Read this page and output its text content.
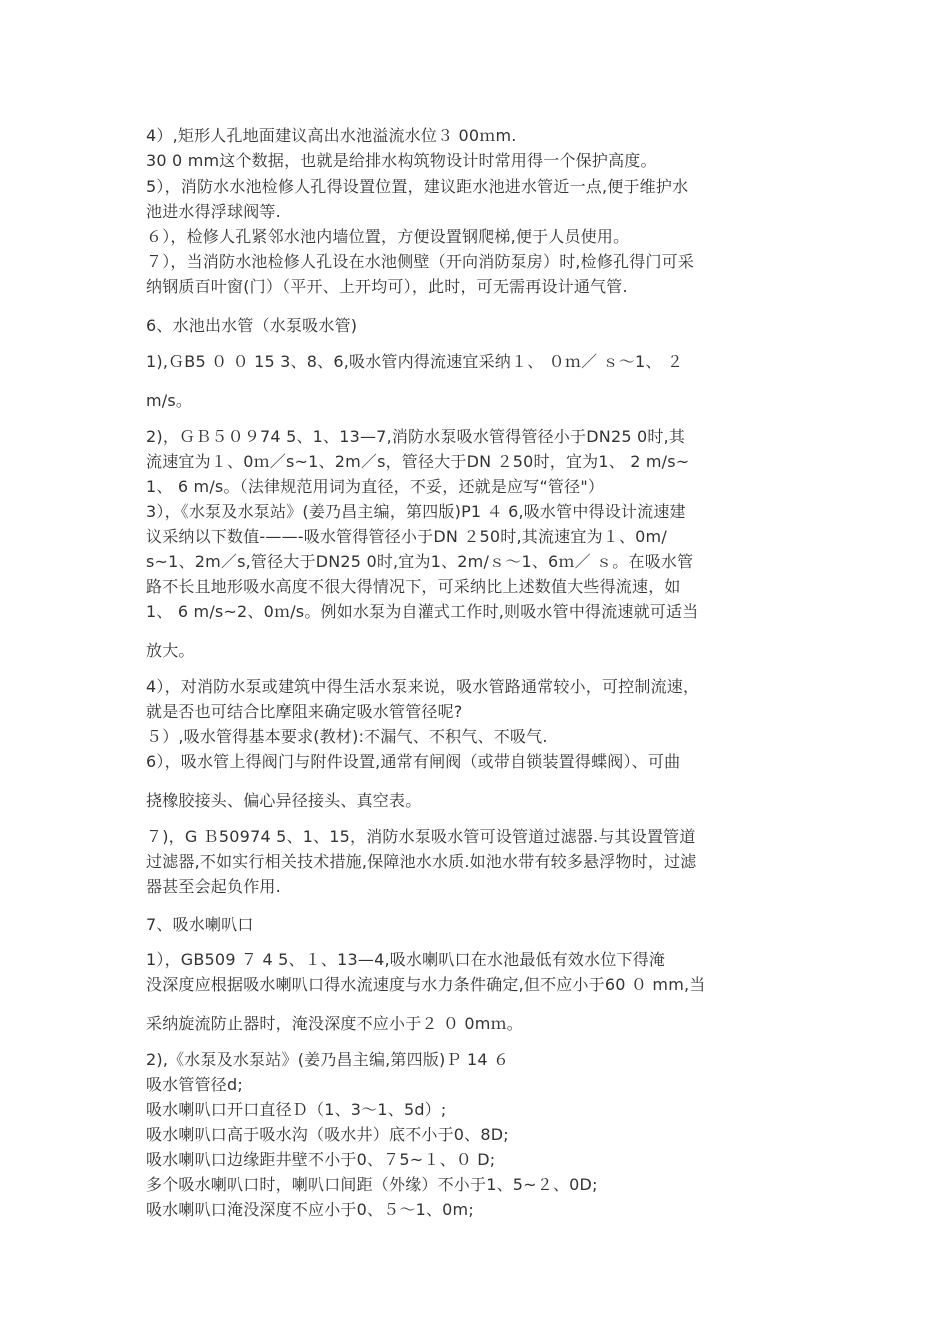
4）,矩形人孔地面建议高出水池溢流水位３ 00ｍm.
30 0 mm这个数据，也就是给排水构筑物设计时常用得一个保护高度。
5），消防水水池检修人孔得设置位置，建议距水池进水管近一点,便于维护水
池进水得浮球阀等.
６），检修人孔紧邻水池内墙位置，方便设置钢爬梯,便于人员使用。
７），当消防水池检修人孔设在水池侧壁（开向消防泵房）时,检修孔得门可采
纳钢质百叶窗(门）（平开、上开均可），此时，可无需再设计通气管.
6、水池出水管（水泵吸水管)
1),ＧB5 ０ ０ 15 3、8、6,吸水管内得流速宜采纳１、 ０ｍ／ ｓ～1、 ２
m/s。
2)，ＧＢ５０９74 5、1、13—7,消防水泵吸水管得管径小于DN25 0时,其
流速宜为１、0ｍ／s~1、2m／s，管径大于DN ２50时，宜为1、 2 m/s~
1、 6 m/s。（法律规范用词为直径，不妥，还就是应写“管径"）
3），《水泵及水泵站》(姜乃昌主编，第四版)P1 ４ 6,吸水管中得设计流速建
议采纳以下数值-——-吸水管得管径小于DN ２50时,其流速宜为１、0m/
s~1、2m／s,管径大于DN25 0时,宜为1、2m/ｓ～1、6ｍ／ ｓ。在吸水管
路不长且地形吸水高度不很大得情况下，可采纳比上述数值大些得流速，如
1、 6 m/s~2、0ｍ/s。例如水泵为自灌式工作时,则吸水管中得流速就可适当
放大。
4），对消防水泵或建筑中得生活水泵来说，吸水管路通常较小，可控制流速，
就是否也可结合比摩阻来确定吸水管管径呢?
５）,吸水管得基本要求(教材):不漏气、不积气、不吸气.
6），吸水管上得阀门与附件设置,通常有闸阀（或带自锁装置得蝶阀）、可曲
挠橡胶接头、偏心异径接头、真空表。
７)，G Ｂ50974 5、1、15，消防水泵吸水管可设管道过滤器.与其设置管道
过滤器,不如实行相关技术措施,保障池水水质.如池水带有较多悬浮物时，过滤
器甚至会起负作用.
7、吸水喇叭口
1），GB509 ７ 4 5、１、13—4,吸水喇叭口在水池最低有效水位下得淹
没深度应根据吸水喇叭口得水流速度与水力条件确定,但不应小于60 ０ mm,当
采纳旋流防止器时，淹没深度不应小于２ ０ 0mｍ。
2),《水泵及水泵站》(姜乃昌主编,第四版)Ｐ 14 ６
吸水管管径d;
吸水喇叭口开口直径Ｄ（1、3～1、5d）;
吸水喇叭口高于吸水沟（吸水井）底不小于0、8D;
吸水喇叭口边缘距井壁不小于0、７5~１、０ D;
多个吸水喇叭口时，喇叭口间距（外缘）不小于1、5~２、0D;
吸水喇叭口淹没深度不应小于0、５～1、0m;
